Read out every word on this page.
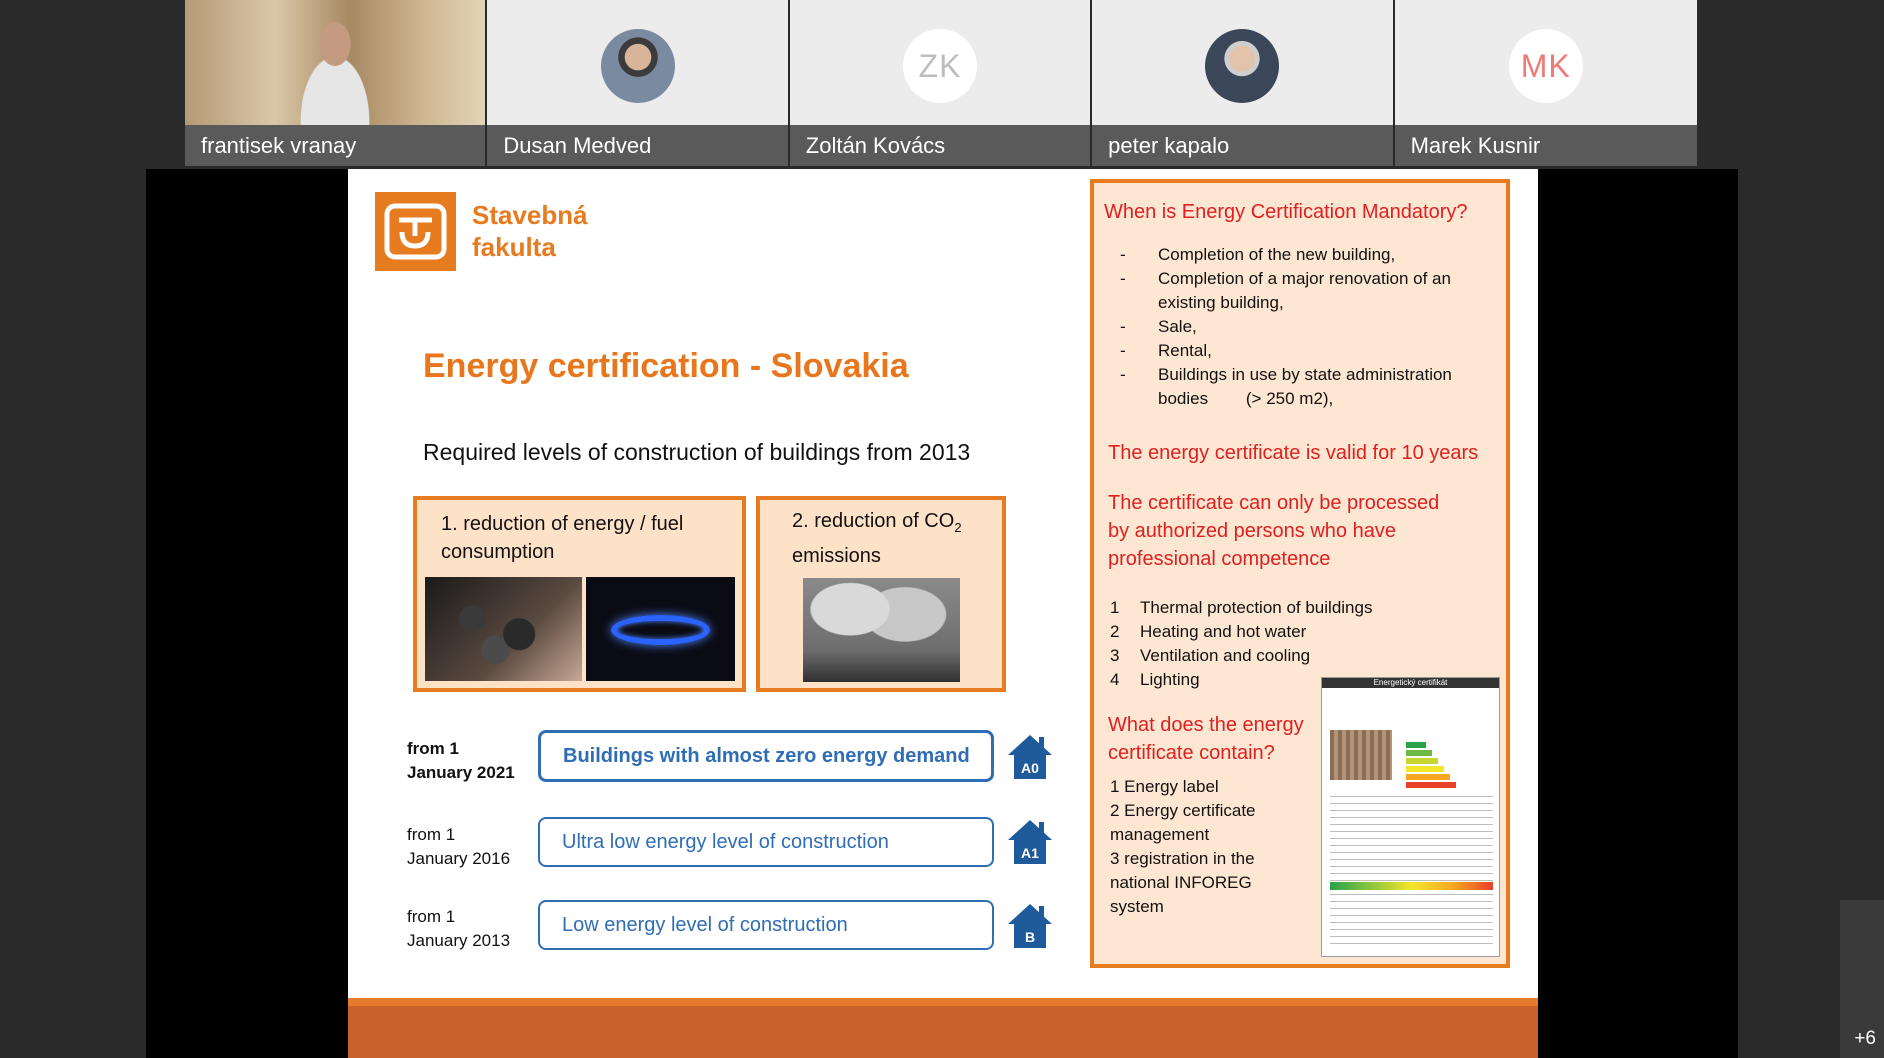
frantisek vranay	Dusan Medved
ZK
Zoltán Kovács	peter kapalo
MK
Marek Kusnir
Stavebná
fakulta
Energy certification - Slovakia
Required levels of construction of buildings from 2013
1. reduction of energy / fuel
consumption
2. reduction of $CO_2$
emissions
from 1
January 2021
Buildings with almost zero energy demand
A0
from 1
January 2016
Ultra low energy level of construction
A1
from 1
January 2013
Low energy level of construction
B
When is Energy Certification Mandatory?
- Completion of the new building,
- Completion of a major renovation of an existing building,
- Sale,
- Rental,
- Buildings in use by state administration bodies        (> 250 m2),
The energy certificate is valid for 10 years
The certificate can only be processed by authorized persons who have professional competence
1 Thermal protection of buildings
2 Heating and hot water
3 Ventilation and cooling
4 Lighting
What does the energy certificate contain?
1 Energy label
2 Energy certificate management
3 registration in the national INFOREG system
Energetický certifikát
+6
